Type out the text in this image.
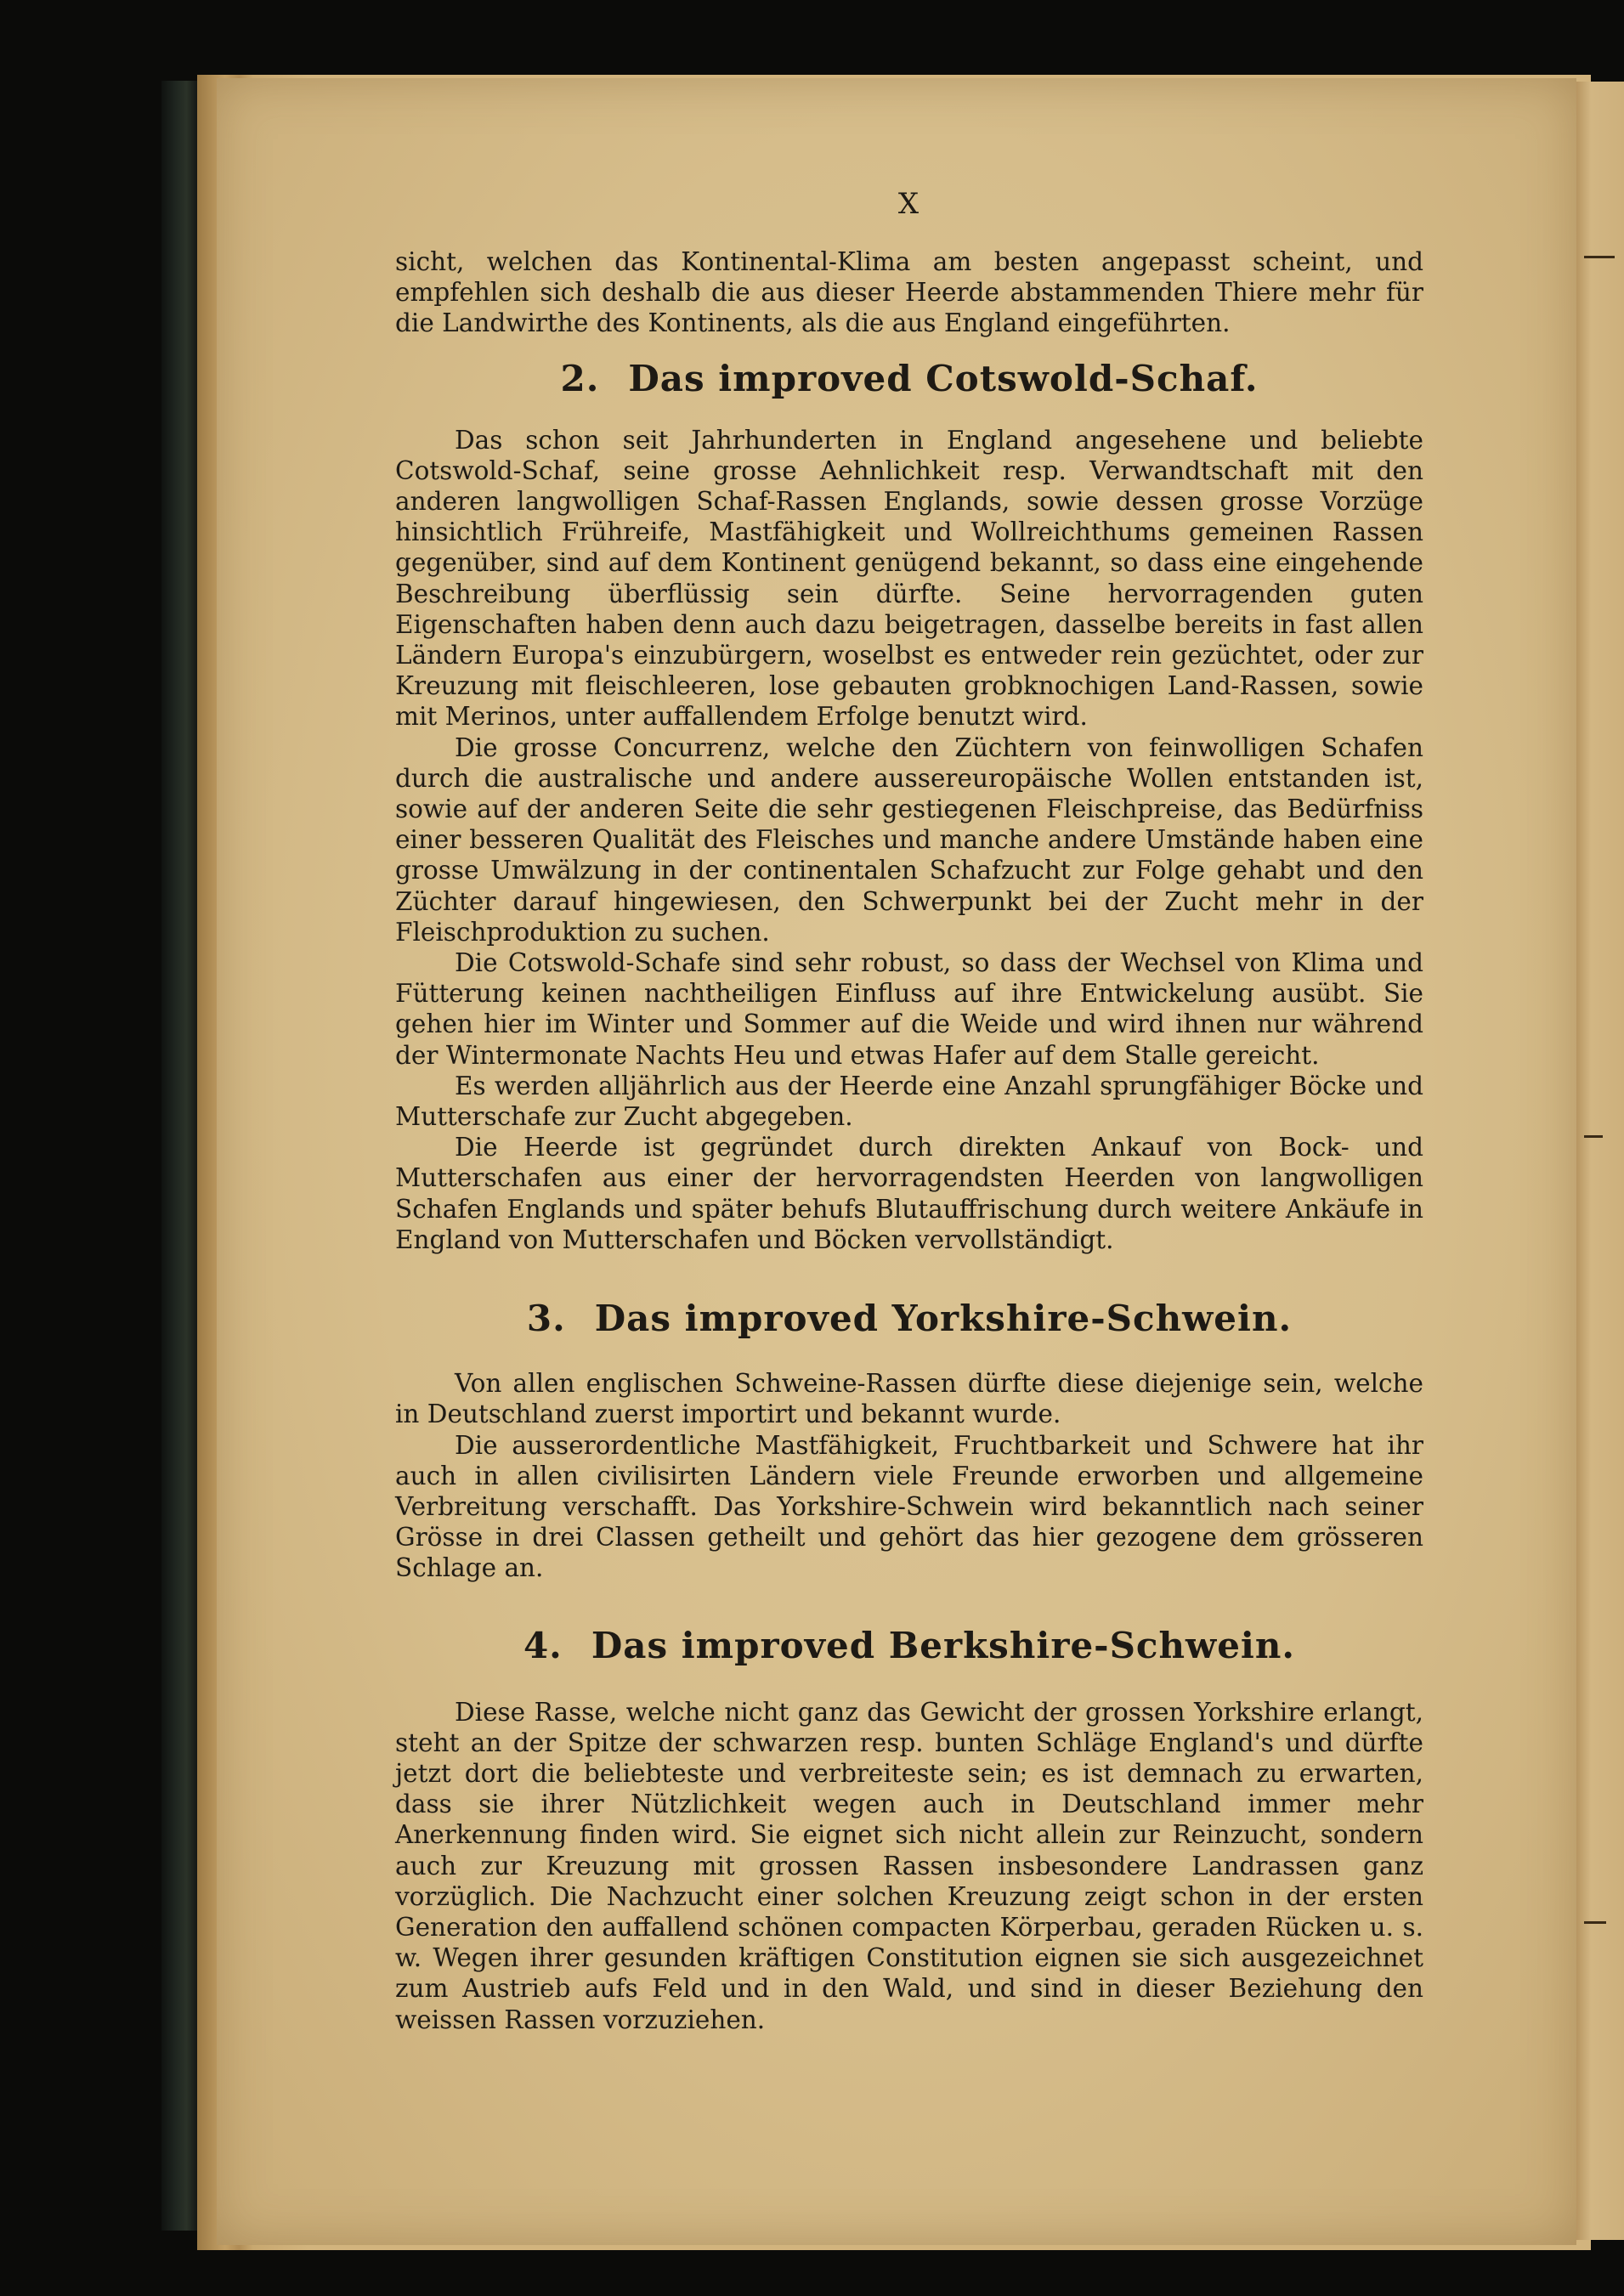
X

sicht, welchen das Kontinental-Klima am besten angepasst scheint, und empfehlen sich deshalb die aus dieser Heerde abstammenden Thiere mehr für die Landwirthe des Kontinents, als die aus England eingeführten.

2. Das improved Cotswold-Schaf.

Das schon seit Jahrhunderten in England angesehene und beliebte Cotswold-Schaf, seine grosse Aehnlichkeit resp. Verwandtschaft mit den anderen langwolligen Schaf-Rassen Englands, sowie dessen grosse Vorzüge hinsichtlich Frühreife, Mastfähigkeit und Wollreichthums gemeinen Rassen gegenüber, sind auf dem Kontinent genügend bekannt, so dass eine eingehende Beschreibung überflüssig sein dürfte. Seine hervorragenden guten Eigenschaften haben denn auch dazu beigetragen, dasselbe bereits in fast allen Ländern Europa's einzubürgern, woselbst es entweder rein gezüchtet, oder zur Kreuzung mit fleischleeren, lose gebauten grobknochigen Land-Rassen, sowie mit Merinos, unter auffallendem Erfolge benutzt wird.

Die grosse Concurrenz, welche den Züchtern von feinwolligen Schafen durch die australische und andere aussereuropäische Wollen entstanden ist, sowie auf der anderen Seite die sehr gestiegenen Fleischpreise, das Bedürfniss einer besseren Qualität des Fleisches und manche andere Umstände haben eine grosse Umwälzung in der continentalen Schafzucht zur Folge gehabt und den Züchter darauf hingewiesen, den Schwerpunkt bei der Zucht mehr in der Fleischproduktion zu suchen.

Die Cotswold-Schafe sind sehr robust, so dass der Wechsel von Klima und Fütterung keinen nachtheiligen Einfluss auf ihre Entwickelung ausübt. Sie gehen hier im Winter und Sommer auf die Weide und wird ihnen nur während der Wintermonate Nachts Heu und etwas Hafer auf dem Stalle gereicht.

Es werden alljährlich aus der Heerde eine Anzahl sprungfähiger Böcke und Mutterschafe zur Zucht abgegeben.

Die Heerde ist gegründet durch direkten Ankauf von Bock- und Mutterschafen aus einer der hervorragendsten Heerden von langwolligen Schafen Englands und später behufs Blutauffrischung durch weitere Ankäufe in England von Mutterschafen und Böcken vervollständigt.

3. Das improved Yorkshire-Schwein.

Von allen englischen Schweine-Rassen dürfte diese diejenige sein, welche in Deutschland zuerst importirt und bekannt wurde.

Die ausserordentliche Mastfähigkeit, Fruchtbarkeit und Schwere hat ihr auch in allen civilisirten Ländern viele Freunde erworben und allgemeine Verbreitung verschafft. Das Yorkshire-Schwein wird bekanntlich nach seiner Grösse in drei Classen getheilt und gehört das hier gezogene dem grösseren Schlage an.

4. Das improved Berkshire-Schwein.

Diese Rasse, welche nicht ganz das Gewicht der grossen Yorkshire erlangt, steht an der Spitze der schwarzen resp. bunten Schläge England's und dürfte jetzt dort die beliebteste und verbreiteste sein; es ist demnach zu erwarten, dass sie ihrer Nützlichkeit wegen auch in Deutschland immer mehr Anerkennung finden wird. Sie eignet sich nicht allein zur Reinzucht, sondern auch zur Kreuzung mit grossen Rassen insbesondere Landrassen ganz vorzüglich. Die Nachzucht einer solchen Kreuzung zeigt schon in der ersten Generation den auffallend schönen compacten Körperbau, geraden Rücken u. s. w. Wegen ihrer gesunden kräftigen Constitution eignen sie sich ausgezeichnet zum Austrieb aufs Feld und in den Wald, und sind in dieser Beziehung den weissen Rassen vorzuziehen.
